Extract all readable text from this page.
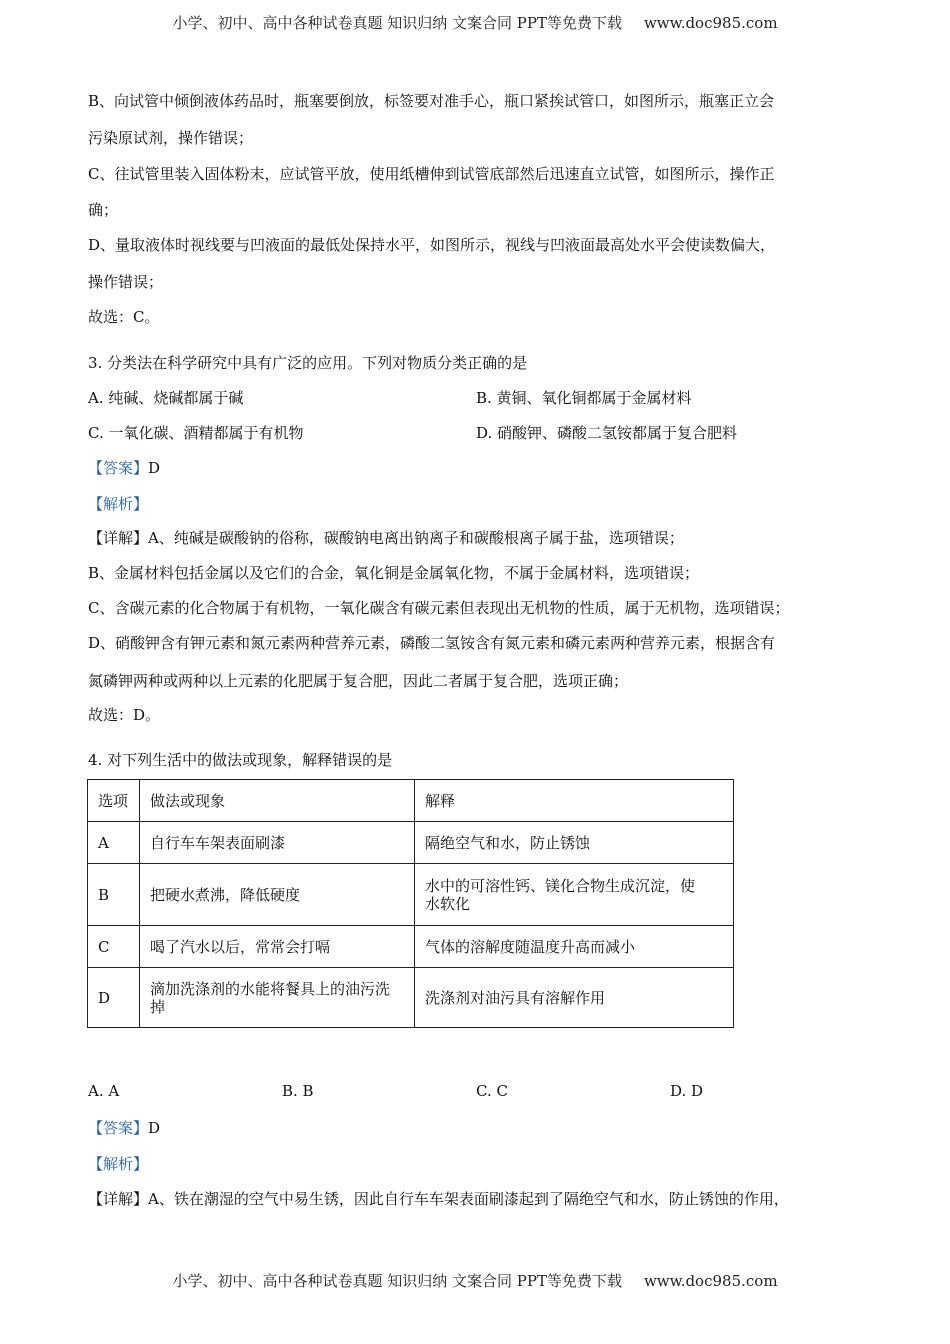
小学、初中、高中各种试卷真题 知识归纳 文案合同 PPT等免费下载 www.doc985.com
B、向试管中倾倒液体药品时，瓶塞要倒放，标签要对准手心，瓶口紧挨试管口，如图所示，瓶塞正立会
污染原试剂，操作错误；
C、往试管里装入固体粉末，应试管平放，使用纸槽伸到试管底部然后迅速直立试管，如图所示，操作正
确；
D、量取液体时视线要与凹液面的最低处保持水平，如图所示，视线与凹液面最高处水平会使读数偏大，
操作错误；
故选：C。
3. 分类法在科学研究中具有广泛的应用。下列对物质分类正确的是
A. 纯碱、烧碱都属于碱	B. 黄铜、氧化铜都属于金属材料
C. 一氧化碳、酒精都属于有机物	D. 硝酸钾、磷酸二氢铵都属于复合肥料
【答案】D
【解析】
【详解】A、纯碱是碳酸钠的俗称，碳酸钠电离出钠离子和碳酸根离子属于盐，选项错误；
B、金属材料包括金属以及它们的合金，氧化铜是金属氧化物，不属于金属材料，选项错误；
C、含碳元素的化合物属于有机物，一氧化碳含有碳元素但表现出无机物的性质，属于无机物，选项错误；
D、硝酸钾含有钾元素和氮元素两种营养元素，磷酸二氢铵含有氮元素和磷元素两种营养元素，根据含有
氮磷钾两种或两种以上元素的化肥属于复合肥，因此二者属于复合肥，选项正确；
故选：D。
4. 对下列生活中的做法或现象，解释错误的是
选项	做法或现象	解释
A	自行车车架表面刷漆	隔绝空气和水，防止锈蚀
B	把硬水煮沸，降低硬度	水中的可溶性钙、镁化合物生成沉淀，使水软化
C	喝了汽水以后，常常会打嗝	气体的溶解度随温度升高而减小
D	滴加洗涤剂的水能将餐具上的油污洗掉	洗涤剂对油污具有溶解作用
A. A	B. B	C. C	D. D
【答案】D
【解析】
【详解】A、铁在潮湿的空气中易生锈，因此自行车车架表面刷漆起到了隔绝空气和水，防止锈蚀的作用，
小学、初中、高中各种试卷真题 知识归纳 文案合同 PPT等免费下载 www.doc985.com
